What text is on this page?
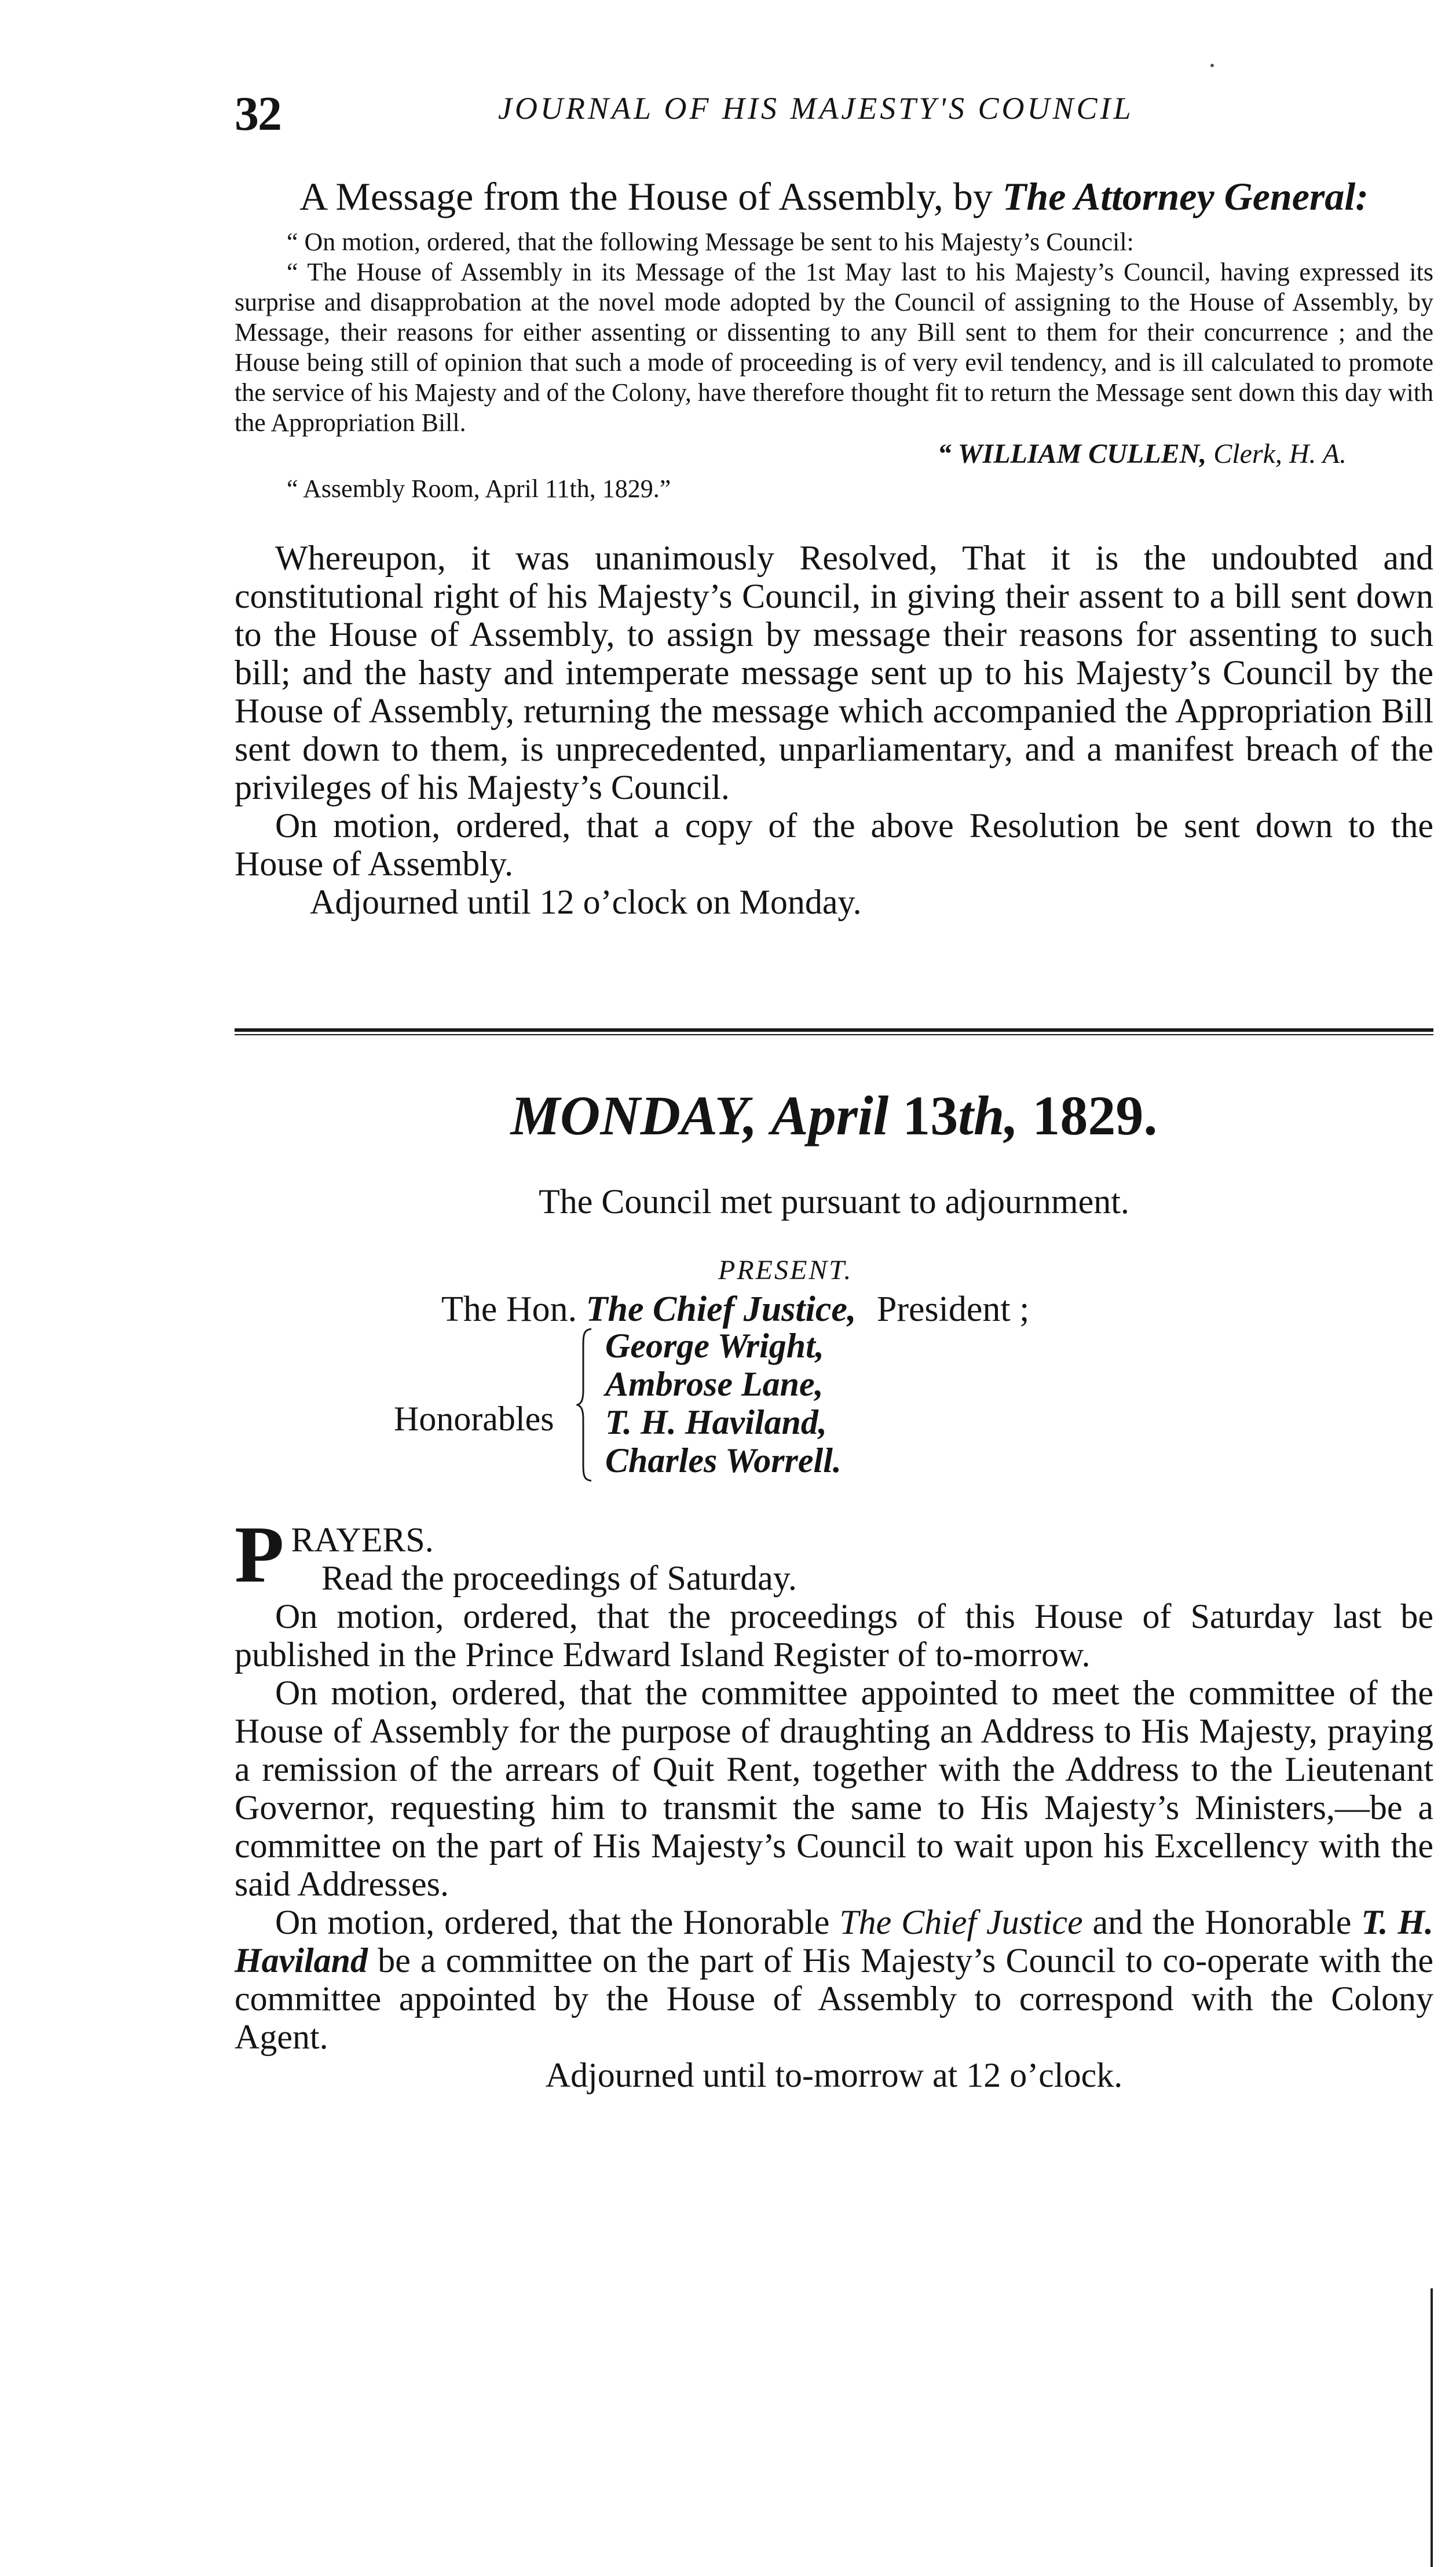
32	JOURNAL OF HIS MAJESTY'S COUNCIL
A Message from the House of Assembly, by The Attorney General:

“ On motion, ordered, that the following Message be sent to his Majesty’s Council:

“ The House of Assembly in its Message of the 1st May last to his Majesty’s Council, having expressed its surprise and disapprobation at the novel mode adopted by the Council of assigning to the House of Assembly, by Message, their reasons for either assenting or dissenting to any Bill sent to them for their concurrence ; and the House being still of opinion that such a mode of proceeding is of very evil tendency, and is ill calculated to promote the service of his Majesty and of the Colony, have therefore thought fit to return the Message sent down this day with the Appropriation Bill.

“ WILLIAM CULLEN, Clerk, H. A.
“ Assembly Room, April 11th, 1829.”

Whereupon, it was unanimously Resolved, That it is the undoubted and constitutional right of his Majesty’s Council, in giving their assent to a bill sent down to the House of Assembly, to assign by message their reasons for assenting to such bill; and the hasty and intemperate message sent up to his Majesty’s Council by the House of Assembly, returning the message which accompanied the Appropriation Bill sent down to them, is unprecedented, unparliamentary, and a manifest breach of the privileges of his Majesty’s Council.

On motion, ordered, that a copy of the above Resolution be sent down to the House of Assembly.

Adjourned until 12 o’clock on Monday.

MONDAY, April 13th, 1829.
The Council met pursuant to adjournment.
PRESENT.
The Hon. The Chief Justice, President ;
Honorables
George Wright,
Ambrose Lane,
T. H. Haviland,
Charles Worrell.

PRAYERS.

Read the proceedings of Saturday.

On motion, ordered, that the proceedings of this House of Saturday last be published in the Prince Edward Island Register of to-morrow.

On motion, ordered, that the committee appointed to meet the committee of the House of Assembly for the purpose of draughting an Address to His Majesty, praying a remission of the arrears of Quit Rent, together with the Address to the Lieutenant Governor, requesting him to transmit the same to His Majesty’s Ministers,—be a committee on the part of His Majesty’s Council to wait upon his Excellency with the said Addresses.

On motion, ordered, that the Honorable The Chief Justice and the Honorable T. H. Haviland be a committee on the part of His Majesty’s Council to co-operate with the committee appointed by the House of Assembly to correspond with the Colony Agent.

Adjourned until to-morrow at 12 o’clock.
